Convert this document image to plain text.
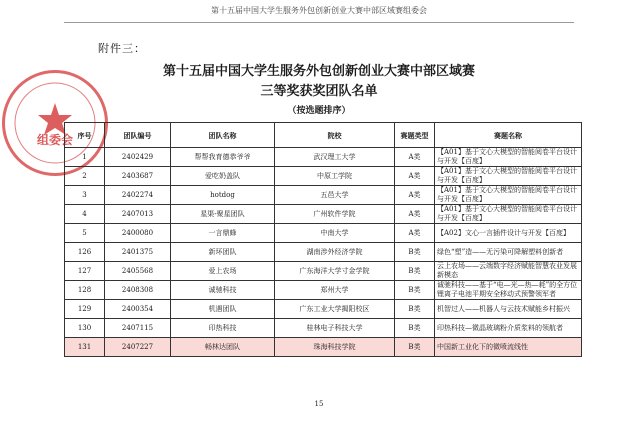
第十五届中国大学生服务外包创新创业大赛中部区域赛组委会
组委会
附件三：
第十五届中国大学生服务外包创新创业大赛中部区域赛
三等奖获奖团队名单
（按选题排序）
序号	团队编号	团队名称	院校	赛题类型	赛题名称
1	2402429	帮帮我育德恭爷爷	武汉理工大学	A类	【A01】基于文心大模型的智能阅卷平台设计与开发【百度】
2	2403687	爱吃奶盖队	中原工学院	A类	【A01】基于文心大模型的智能阅卷平台设计与开发【百度】
3	2402274	hotdog	五邑大学	A类	【A01】基于文心大模型的智能阅卷平台设计与开发【百度】
4	2407013	星渠-聚星团队	广州软件学院	A类	【A01】基于文心大模型的智能阅卷平台设计与开发【百度】
5	2400080	一言鼎蜂	中南大学	A类	【A02】文心一言插件设计与开发【百度】
126	2401375	新环团队	湖南涉外经济学院	B类	绿色“塑”造——无污染可降解塑料创新者
127	2405568	爱上农场	广东海洋大学寸金学院	B类	云上农场——云端数字经济赋能智慧农业发展新模态
128	2408308	诚驰科技	郑州大学	B类	诚驰科技——基于“电—光—热—耗”的全方位锂离子电池平期安全移动式预警领军者
129	2400354	机遇团队	广东工业大学揭阳校区	B类	机智过人——机器人与云技术赋能乡村振兴
130	2407115	印热科技	桂林电子科技大学	B类	印热科技—微晶玻璃粉介质浆料的领航者
131	2407227	畅林达团队	珠海科技学院	B类	中国新工业化下的微喷流线性
15
